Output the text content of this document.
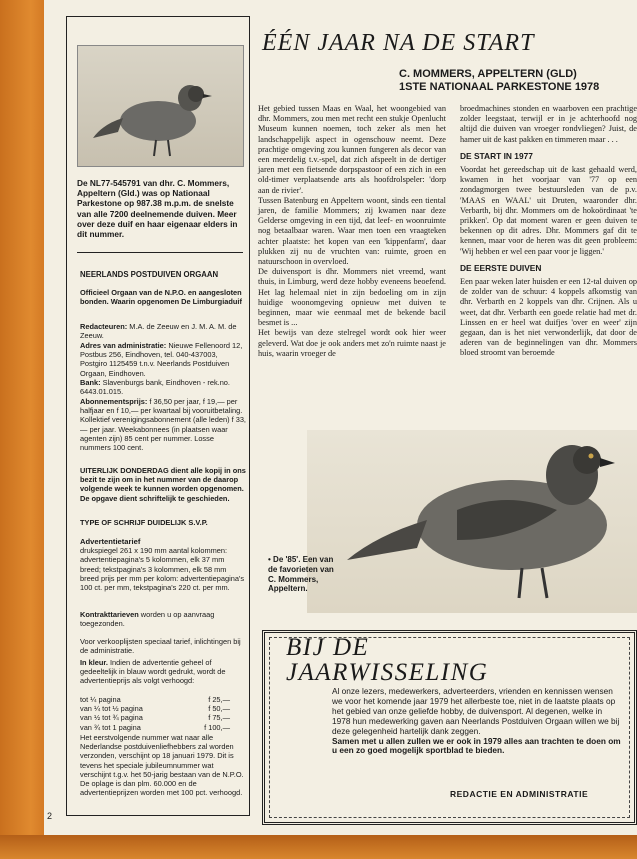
2
De NL77-545791 van dhr. C. Mommers, Appeltern (Gld.) was op Nationaal Parkestone op 987.38 m.p.m. de snelste van alle 7200 deelnemende duiven. Meer over deze duif en haar eigenaar elders in dit nummer.
NEERLANDS POSTDUIVEN ORGAAN
Officieel Orgaan van de N.P.O. en aangesloten bonden. Waarin opgenomen De Limburgiaduif
Redacteuren: M.A. de Zeeuw en J. M. A. M. de Zeeuw.
Adres van administratie: Nieuwe Fellenoord 12, Postbus 256, Eindhoven, tel. 040-437003, Postgiro 1125459 t.n.v. Neerlands Postduiven Orgaan, Eindhoven.
Bank: Slavenburgs bank, Eindhoven - rek.no. 6443.01.015.
Abonnementsprijs: f 36,50 per jaar, f 19,— per halfjaar en f 10,— per kwartaal bij vooruitbetaling. Kollektief verenigingsabonnement (alle leden) f 33,— per jaar. Weekabonnees (in plaatsen waar agenten zijn) 85 cent per nummer. Losse nummers 100 cent.
UITERLIJK DONDERDAG dient alle kopij in ons bezit te zijn om in het nummer van de daarop volgende week te kunnen worden opgenomen. De opgave dient schriftelijk te geschieden.
TYPE OF SCHRIJF DUIDELIJK S.V.P.
Advertentietarief
drukspiegel 261 x 190 mm aantal kolommen: advertentiepagina's 5 kolommen, elk 37 mm breed; tekstpagina's 3 kolommen, elk 58 mm breed prijs per mm per kolom: advertentiepagina's 100 ct. per mm, tekstpagina's 220 ct. per mm.
Kontrakttarieven worden u op aanvraag toegezonden.
Voor verkooplijsten speciaal tarief, inlichtingen bij de administratie.
In kleur. Indien de advertentie geheel of gedeeltelijk in blauw wordt gedrukt, wordt de advertentieprijs als volgt verhoogd:
tot ¼ pagina	f 25,—
van ¼ tot ½ pagina	f 50,—
van ½ tot ¾ pagina	f 75,—
van ¾ tot 1 pagina	f 100,—
Het eerstvolgende nummer wat naar alle Nederlandse postduivenliefhebbers zal worden verzonden, verschijnt op 18 januari 1979. Dit is tevens het speciale jubileumnummer wat verschijnt t.g.v. het 50-jarig bestaan van de N.P.O. De oplage is dan plm. 60.000 en de advertentieprijzen worden met 100 pct. verhoogd.
ÉÉN JAAR NA DE START
C. MOMMERS, APPELTERN (GLD)
1STE NATIONAAL PARKESTONE 1978

Het gebied tussen Maas en Waal, het woongebied van dhr. Mommers, zou men met recht een stukje Openlucht Museum kunnen noemen, toch zeker als men het landschappelijk aspect in ogenschouw neemt. Deze prachtige omgeving zou kunnen fungeren als decor van een meerdelig t.v.-spel, dat zich afspeelt in de dertiger jaren met een fietsende dorpspastoor of een zich in een old-timer verplaatsende arts als hoofdrolspeler: 'dorp aan de rivier'.

Tussen Batenburg en Appeltern woont, sinds een tiental jaren, de familie Mommers; zij kwamen naar deze Gelderse omgeving in een tijd, dat leef- en woonruimte nog betaalbaar waren. Waar men toen een vraagteken achter plaatste: het kopen van een 'kippenfarm', daar plukken zij nu de vruchten van: ruimte, groen en natuurschoon in overvloed.

De duivensport is dhr. Mommers niet vreemd, want thuis, in Limburg, werd deze hobby eveneens beoefend. Het lag helemaal niet in zijn bedoeling om in zijn huidige woonomgeving opnieuw met duiven te beginnen, maar wie eenmaal met de bekende bacil besmet is ...

Het bewijs van deze stelregel wordt ook hier weer geleverd. Wat doe je ook anders met zo'n ruimte naast je huis, waarin vroeger de

broedmachines stonden en waarboven een prachtige zolder leegstaat, terwijl er in je achterhoofd nog altijd die duiven van vroeger rondvliegen? Juist, de hamer uit de kast pakken en timmeren maar . . .

DE START IN 1977

Voordat het gereedschap uit de kast gehaald werd, kwamen in het voorjaar van '77 op een zondagmorgen twee bestuursleden van de p.v. 'MAAS en WAAL' uit Druten, waaronder dhr. Verbarth, bij dhr. Mommers om de hokoördinaat 'te prikken'. Op dat moment waren er geen duiven te bekennen op dit adres. Dhr. Mommers gaf dit te kennen, maar voor de heren was dit geen probleem: 'Wij hebben er wel een paar voor je liggen.'

DE EERSTE DUIVEN

Een paar weken later huisden er een 12-tal duiven op de zolder van de schuur: 4 koppels afkomstig van dhr. Verbarth en 2 koppels van dhr. Crijnen. Als u weet, dat dhr. Verbarth een goede relatie had met dr. Linssen en er heel wat duifjes 'over en weer' zijn gegaan, dan is het niet verwonderlijk, dat door de aderen van de beginnelingen van dhr. Mommers bloed stroomt van beroemde

• De '85'. Een van de favorieten van C. Mommers, Appeltern.
BIJ DE
JAARWISSELING
Al onze lezers, medewerkers, adverteerders, vrienden en kennissen wensen we voor het komende jaar 1979 het allerbeste toe, niet in de laatste plaats op het gebied van onze geliefde hobby, de duivensport. Al degenen, welke in 1978 hun medewerking gaven aan Neerlands Postduiven Orgaan willen we bij deze gelegenheid hartelijk dank zeggen.
Samen met u allen zullen we er ook in 1979 alles aan trachten te doen om u een zo goed mogelijk sportblad te bieden.
REDACTIE EN ADMINISTRATIE
